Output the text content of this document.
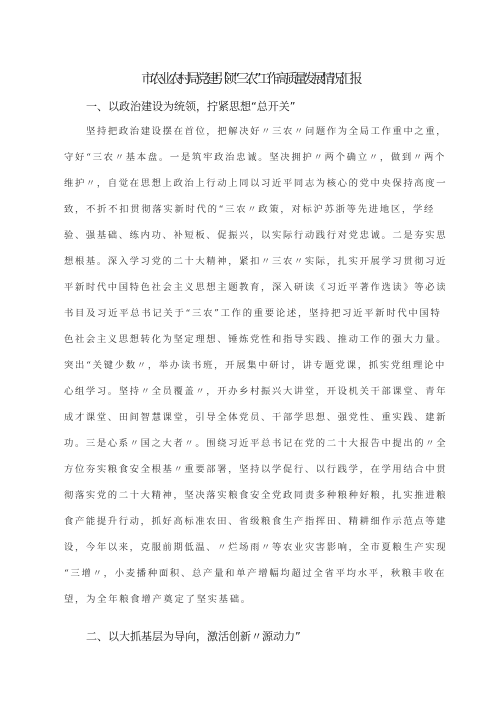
市农业农村局党建引领“三农”工作高质量发展情况汇报
一、以政治建设为统领，拧紧思想“总开关”
坚持把政治建设摆在首位，把解决好〃三农〃问题作为全局工作重中之重，
守好“三农〃基本盘。一是筑牢政治忠诚。坚决拥护〃两个确立〃，做到〃两个
维护〃，自觉在思想上政治上行动上同以习近平同志为核心的党中央保持高度一
致，不折不扣贯彻落实新时代的“三农〃政策，对标沪苏浙等先进地区，学经
验、强基础、练内功、补短板、促振兴，以实际行动践行对党忠诚。二是夯实思
想根基。深入学习党的二十大精神，紧扣〃三农〃实际，扎实开展学习贯彻习近
平新时代中国特色社会主义思想主题教育，深入研读《习近平著作选读》等必读
书目及习近平总书记关于“三农”工作的重要论述，坚持把习近平新时代中国特
色社会主义思想转化为坚定理想、锤炼党性和指导实践、推动工作的强大力量。
突出“关键少数〃，举办读书班，开展集中研讨，讲专题党课，抓实党组理论中
心组学习。坚持〃全员覆盖〃，开办乡村振兴大讲堂，开设机关干部课堂、青年
成才课堂、田间智慧课堂，引导全体党员、干部学思想、强党性、重实践、建新
功。三是心系〃国之大者〃。围绕习近平总书记在党的二十大报告中提出的〃全
方位夯实粮食安全根基〃重要部署，坚持以学促行、以行践学，在学用结合中贯
彻落实党的二十大精神，坚决落实粮食安全党政同责多种粮种好粮，扎实推进粮
食产能提升行动，抓好高标准农田、省级粮食生产指挥田、精耕细作示范点等建
设，今年以来，克服前期低温、〃烂场雨〃等农业灾害影响，全市夏粮生产实现
“三增〃，小麦播种面积、总产量和单产增幅均超过全省平均水平，秋粮丰收在
望，为全年粮食增产奠定了坚实基础。
二、以大抓基层为导向，激活创新〃源动力”
